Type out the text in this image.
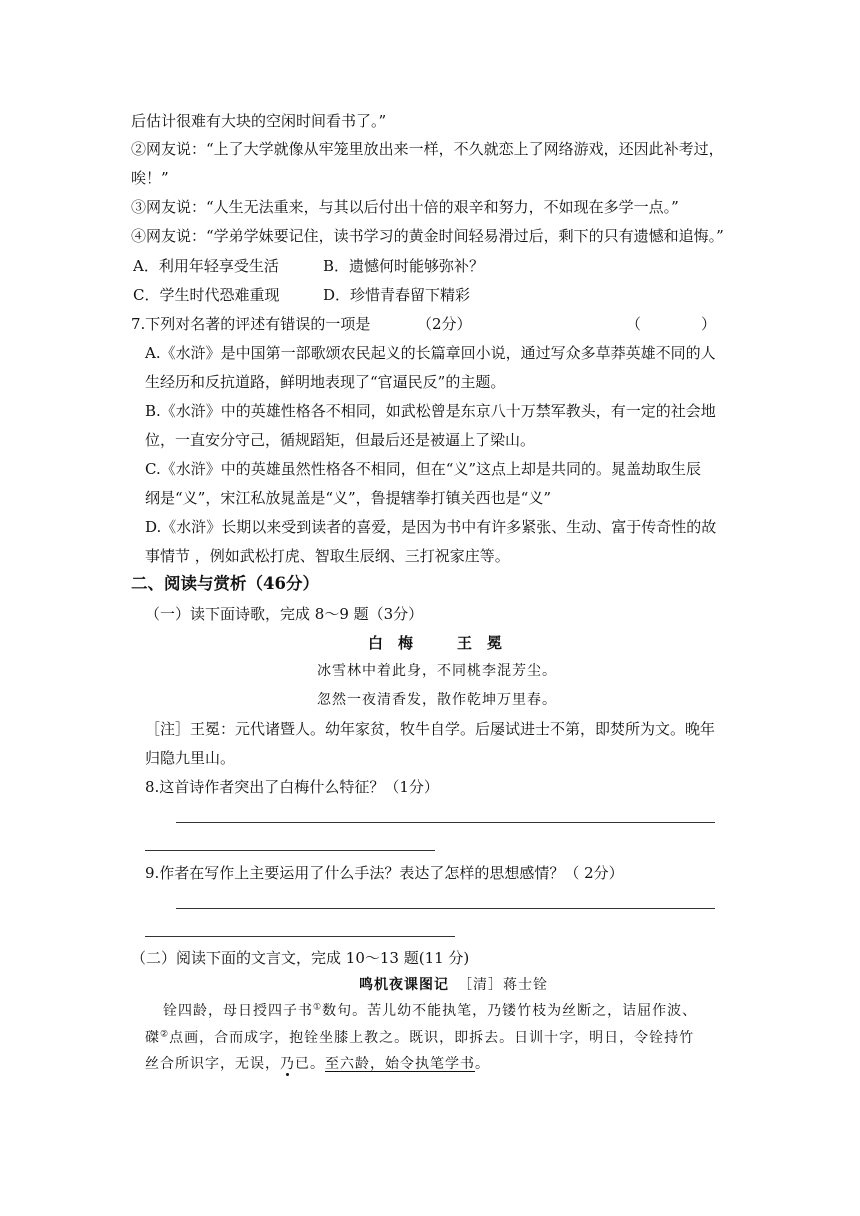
后估计很难有大块的空闲时间看书了。”
②网友说：“上了大学就像从牢笼里放出来一样，不久就恋上了网络游戏，还因此补考过，
唉！”
③网友说：“人生无法重来，与其以后付出十倍的艰辛和努力，不如现在多学一点。”
④网友说：“学弟学妹要记住，读书学习的黄金时间轻易滑过后，剩下的只有遗憾和追悔。”
A．利用年轻享受生活	B．遗憾何时能够弥补？
C．学生时代恐难重现	D．珍惜青春留下精彩
7.下列对名著的评述有错误的一项是	（2分）	（　　　　）
A.《水浒》是中国第一部歌颂农民起义的长篇章回小说，通过写众多草莽英雄不同的人
生经历和反抗道路，鲜明地表现了“官逼民反”的主题。
B.《水浒》中的英雄性格各不相同，如武松曾是东京八十万禁军教头，有一定的社会地
位，一直安分守己，循规蹈矩，但最后还是被逼上了梁山。
C.《水浒》中的英雄虽然性格各不相同，但在“义”这点上却是共同的。晁盖劫取生辰
纲是“义”，宋江私放晁盖是“义”，鲁提辖拳打镇关西也是“义”
D.《水浒》长期以来受到读者的喜爱，是因为书中有许多紧张、生动、富于传奇性的故
事情节 ，例如武松打虎、智取生辰纲、三打祝家庄等。
二、阅读与赏析（46分）
（一）读下面诗歌，完成 8～9 题（3分）
白　梅	王　冕
冰雪林中着此身，不同桃李混芳尘。
忽然一夜清香发，散作乾坤万里春。
［注］王冕：元代诸暨人。幼年家贫，牧牛自学。后屡试进士不第，即焚所为文。晚年
归隐九里山。
8.这首诗作者突出了白梅什么特征？（1分）
9.作者在写作上主要运用了什么手法？表达了怎样的思想感情？（ 2分）
（二）阅读下面的文言文，完成 10～13 题(11 分)
鸣机夜课图记 ［清］蒋士铨
铨四龄，母日授四子书①数句。苦儿幼不能执笔，乃镂竹枝为丝断之，诘屈作波、
磔②点画，合而成字，抱铨坐膝上教之。既识，即拆去。日训十字，明日，令铨持竹
丝合所识字，无误，乃已。至六龄，始令执笔学书。
